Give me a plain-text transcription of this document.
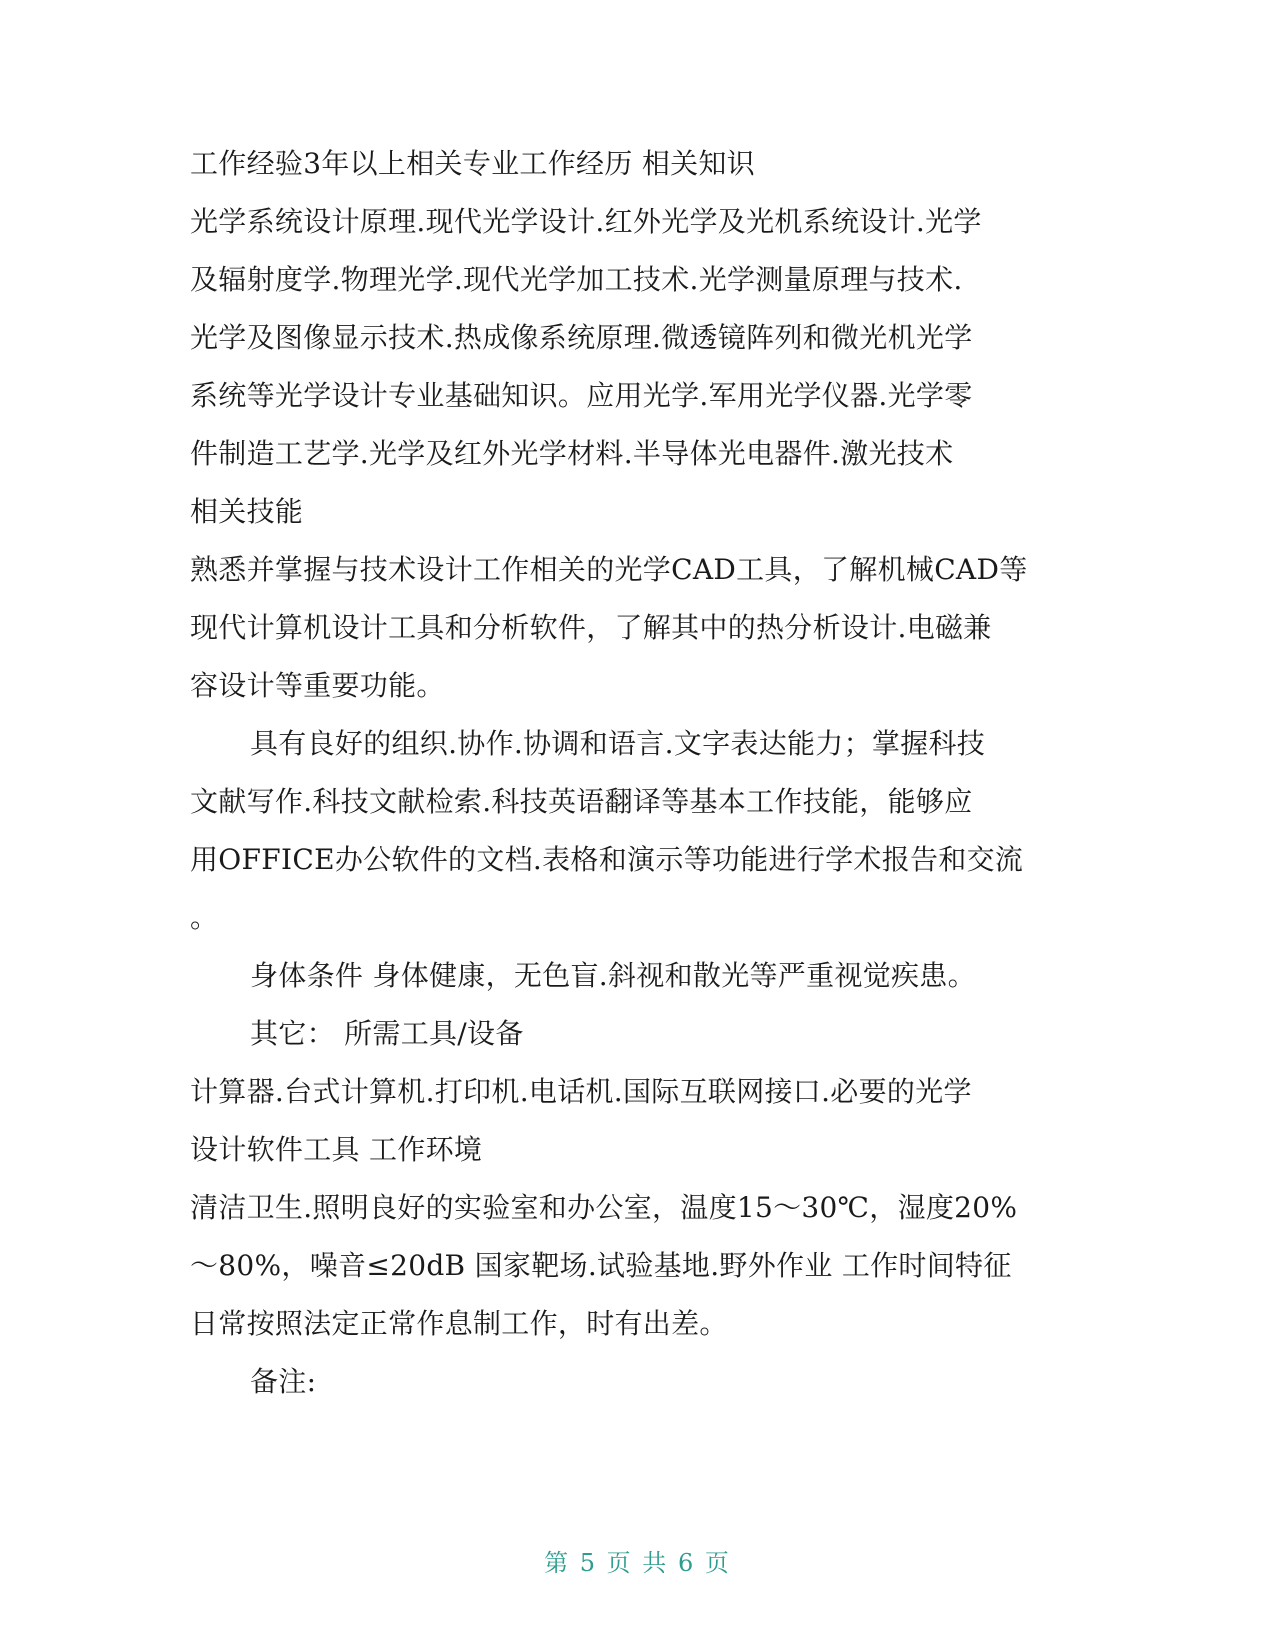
工作经验3年以上相关专业工作经历 相关知识
光学系统设计原理.现代光学设计.红外光学及光机系统设计.光学
及辐射度学.物理光学.现代光学加工技术.光学测量原理与技术.
光学及图像显示技术.热成像系统原理.微透镜阵列和微光机光学
系统等光学设计专业基础知识。应用光学.军用光学仪器.光学零
件制造工艺学.光学及红外光学材料.半导体光电器件.激光技术
相关技能
熟悉并掌握与技术设计工作相关的光学CAD工具，了解机械CAD等
现代计算机设计工具和分析软件，了解其中的热分析设计.电磁兼
容设计等重要功能。
具有良好的组织.协作.协调和语言.文字表达能力；掌握科技
文献写作.科技文献检索.科技英语翻译等基本工作技能，能够应
用OFFICE办公软件的文档.表格和演示等功能进行学术报告和交流
。
身体条件 身体健康，无色盲.斜视和散光等严重视觉疾患。
其它： 所需工具/设备
计算器.台式计算机.打印机.电话机.国际互联网接口.必要的光学
设计软件工具 工作环境
清洁卫生.照明良好的实验室和办公室，温度15～30℃，湿度20%
～80%，噪音≤20dB 国家靶场.试验基地.野外作业 工作时间特征
日常按照法定正常作息制工作，时有出差。
备注:
第 5 页 共 6 页
